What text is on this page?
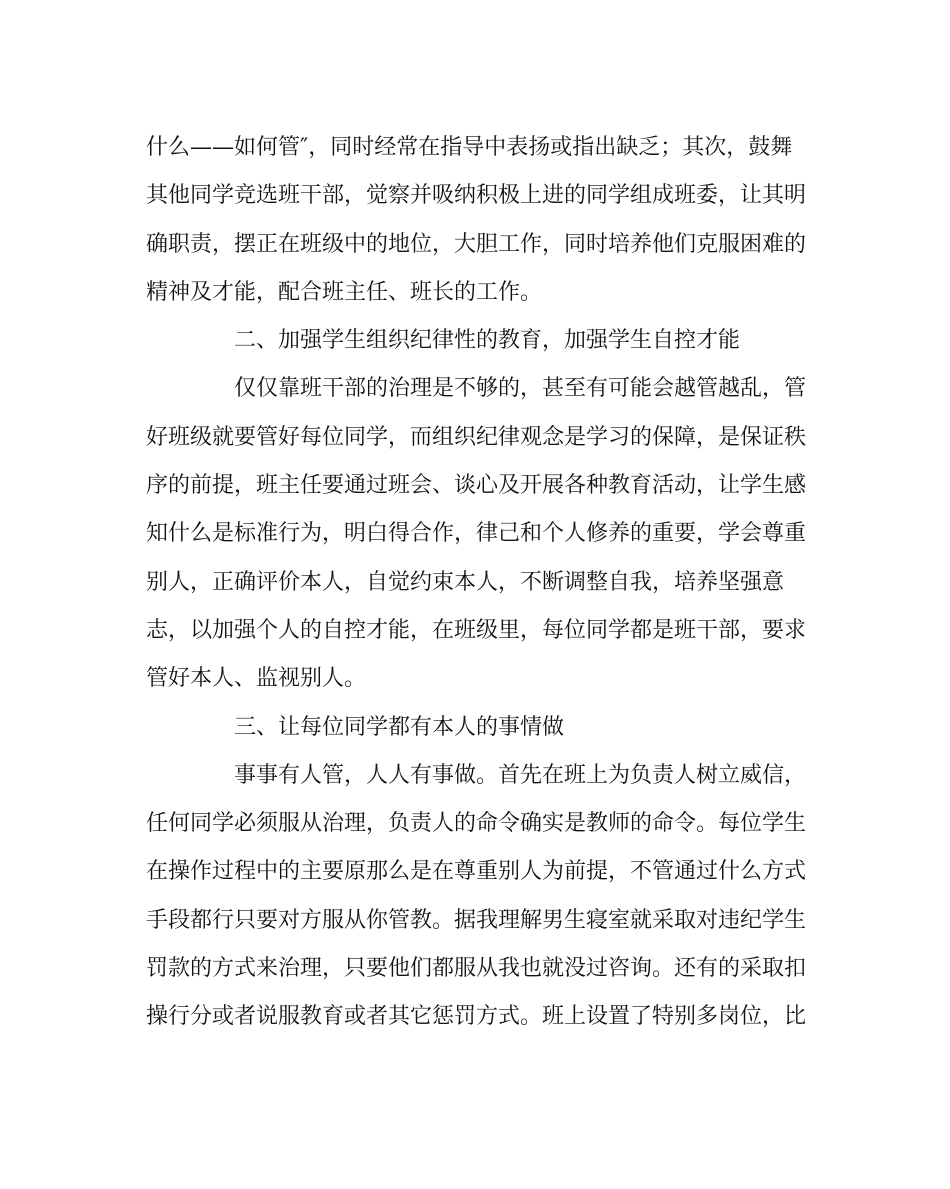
什么——如何管″，同时经常在指导中表扬或指出缺乏；其次，鼓舞
其他同学竞选班干部，觉察并吸纳积极上进的同学组成班委，让其明
确职责，摆正在班级中的地位，大胆工作，同时培养他们克服困难的
精神及才能，配合班主任、班长的工作。
二、加强学生组织纪律性的教育，加强学生自控才能
仅仅靠班干部的治理是不够的，甚至有可能会越管越乱，管
好班级就要管好每位同学，而组织纪律观念是学习的保障，是保证秩
序的前提，班主任要通过班会、谈心及开展各种教育活动，让学生感
知什么是标准行为，明白得合作，律己和个人修养的重要，学会尊重
别人，正确评价本人，自觉约束本人，不断调整自我，培养坚强意
志，以加强个人的自控才能，在班级里，每位同学都是班干部，要求
管好本人、监视别人。
三、让每位同学都有本人的事情做
事事有人管，人人有事做。首先在班上为负责人树立威信，
任何同学必须服从治理，负责人的命令确实是教师的命令。每位学生
在操作过程中的主要原那么是在尊重别人为前提，不管通过什么方式
手段都行只要对方服从你管教。据我理解男生寝室就采取对违纪学生
罚款的方式来治理，只要他们都服从我也就没过咨询。还有的采取扣
操行分或者说服教育或者其它惩罚方式。班上设置了特别多岗位，比
